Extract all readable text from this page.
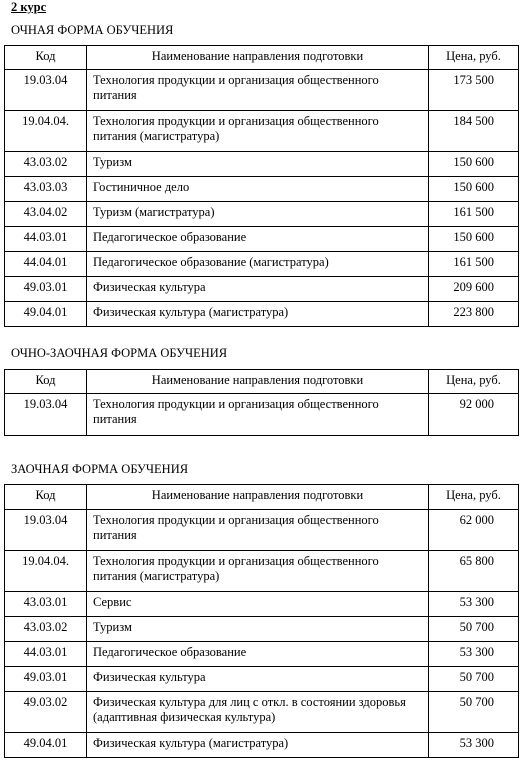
2 курс

ОЧНАЯ ФОРМА ОБУЧЕНИЯ

Код	Наименование направления подготовки	Цена, руб.
19.03.04	Технология продукции и организация общественного питания	173 500
19.04.04.	Технология продукции и организация общественного питания (магистратура)	184 500
43.03.02	Туризм	150 600
43.03.03	Гостиничное дело	150 600
43.04.02	Туризм (магистратура)	161 500
44.03.01	Педагогическое образование	150 600
44.04.01	Педагогическое образование (магистратура)	161 500
49.03.01	Физическая культура	209 600
49.04.01	Физическая культура (магистратура)	223 800

ОЧНО-ЗАОЧНАЯ ФОРМА ОБУЧЕНИЯ

Код	Наименование направления подготовки	Цена, руб.
19.03.04	Технология продукции и организация общественного питания	92 000

ЗАОЧНАЯ ФОРМА ОБУЧЕНИЯ

Код	Наименование направления подготовки	Цена, руб.
19.03.04	Технология продукции и организация общественного питания	62 000
19.04.04.	Технология продукции и организация общественного питания (магистратура)	65 800
43.03.01	Сервис	53 300
43.03.02	Туризм	50 700
44.03.01	Педагогическое образование	53 300
49.03.01	Физическая культура	50 700
49.03.02	Физическая культура для лиц с откл. в состоянии здоровья (адаптивная физическая культура)	50 700
49.04.01	Физическая культура (магистратура)	53 300
